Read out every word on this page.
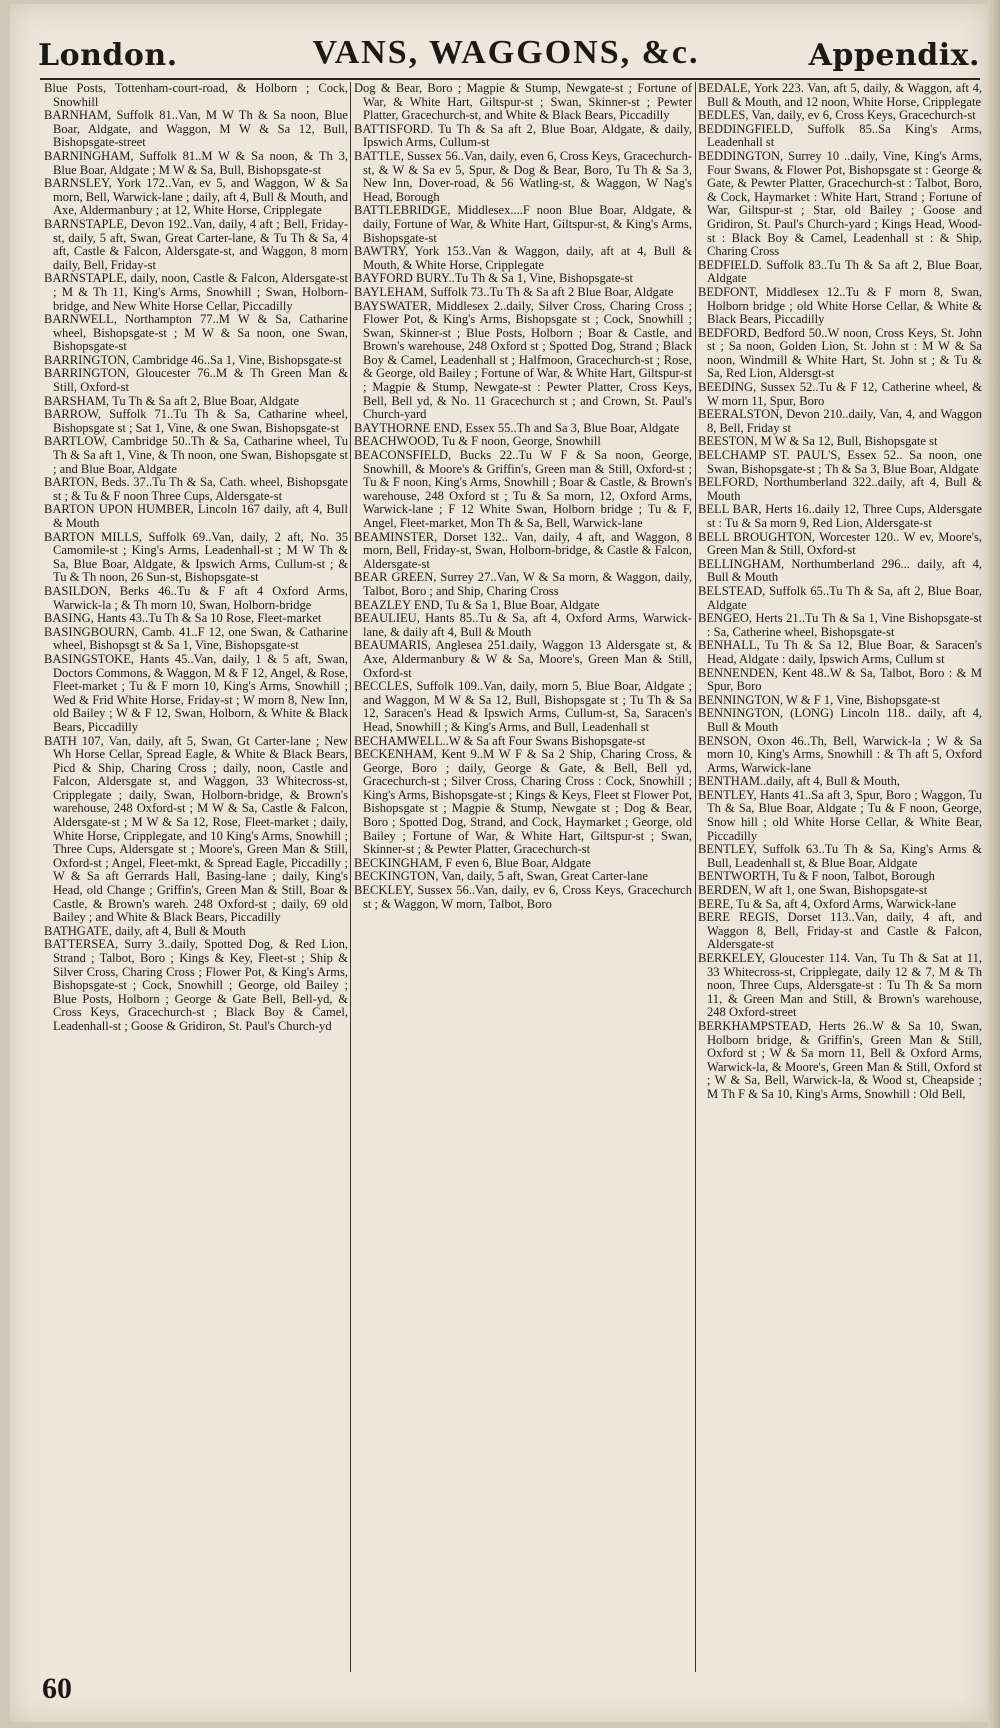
London.	VANS, WAGGONS, &c.	Appendix.

Blue Posts, Tottenham-court-road, & Holborn ; Cock, Snowhill

BARNHAM, Suffolk 81..Van, M W Th & Sa noon, Blue Boar, Aldgate, and Waggon, M W & Sa 12, Bull, Bishopsgate-street

BARNINGHAM, Suffolk 81..M W & Sa noon, & Th 3, Blue Boar, Aldgate ; M W & Sa, Bull, Bishopsgate-st

BARNSLEY, York 172..Van, ev 5, and Waggon, W & Sa morn, Bell, Warwick-lane ; daily, aft 4, Bull & Mouth, and Axe, Aldermanbury ; at 12, White Horse, Cripplegate

BARNSTAPLE, Devon 192..Van, daily, 4 aft ; Bell, Friday-st, daily, 5 aft, Swan, Great Carter-lane, & Tu Th & Sa, 4 aft, Castle & Falcon, Aldersgate-st, and Waggon, 8 morn daily, Bell, Friday-st

BARNSTAPLE, daily, noon, Castle & Falcon, Aldersgate-st ; M & Th 11, King's Arms, Snowhill ; Swan, Holborn-bridge, and New White Horse Cellar, Piccadilly

BARNWELL, Northampton 77..M W & Sa, Catharine wheel, Bishopsgate-st ; M W & Sa noon, one Swan, Bishopsgate-st

BARRINGTON, Cambridge 46..Sa 1, Vine, Bishopsgate-st

BARRINGTON, Gloucester 76..M & Th Green Man & Still, Oxford-st

BARSHAM, Tu Th & Sa aft 2, Blue Boar, Aldgate

BARROW, Suffolk 71..Tu Th & Sa, Catharine wheel, Bishopsgate st ; Sat 1, Vine, & one Swan, Bishopsgate-st

BARTLOW, Cambridge 50..Th & Sa, Catharine wheel, Tu Th & Sa aft 1, Vine, & Th noon, one Swan, Bishopsgate st ; and Blue Boar, Aldgate

BARTON, Beds. 37..Tu Th & Sa, Cath. wheel, Bishopsgate st ; & Tu & F noon Three Cups, Aldersgate-st

BARTON UPON HUMBER, Lincoln 167 daily, aft 4, Bull & Mouth

BARTON MILLS, Suffolk 69..Van, daily, 2 aft, No. 35 Camomile-st ; King's Arms, Leadenhall-st ; M W Th & Sa, Blue Boar, Aldgate, & Ipswich Arms, Cullum-st ; & Tu & Th noon, 26 Sun-st, Bishopsgate-st

BASILDON, Berks 46..Tu & F aft 4 Oxford Arms, Warwick-la ; & Th morn 10, Swan, Holborn-bridge

BASING, Hants 43..Tu Th & Sa 10 Rose, Fleet-market

BASINGBOURN, Camb. 41..F 12, one Swan, & Catharine wheel, Bishopsgt st & Sa 1, Vine, Bishopsgate-st

BASINGSTOKE, Hants 45..Van, daily, 1 & 5 aft, Swan, Doctors Commons, & Waggon, M & F 12, Angel, & Rose, Fleet-market ; Tu & F morn 10, King's Arms, Snowhill ; Wed & Frid White Horse, Friday-st ; W morn 8, New Inn, old Bailey ; W & F 12, Swan, Holborn, & White & Black Bears, Piccadilly

BATH 107, Van, daily, aft 5, Swan, Gt Carter-lane ; New Wh Horse Cellar, Spread Eagle, & White & Black Bears, Picd & Ship, Charing Cross ; daily, noon, Castle and Falcon, Aldersgate st, and Waggon, 33 Whitecross-st, Cripplegate ; daily, Swan, Holborn-bridge, & Brown's warehouse, 248 Oxford-st ; M W & Sa, Castle & Falcon, Aldersgate-st ; M W & Sa 12, Rose, Fleet-market ; daily, White Horse, Cripplegate, and 10 King's Arms, Snowhill ; Three Cups, Aldersgate st ; Moore's, Green Man & Still, Oxford-st ; Angel, Fleet-mkt, & Spread Eagle, Piccadilly ; W & Sa aft Gerrards Hall, Basing-lane ; daily, King's Head, old Change ; Griffin's, Green Man & Still, Boar & Castle, & Brown's wareh. 248 Oxford-st ; daily, 69 old Bailey ; and White & Black Bears, Piccadilly

BATHGATE, daily, aft 4, Bull & Mouth

BATTERSEA, Surry 3..daily, Spotted Dog, & Red Lion, Strand ; Talbot, Boro ; Kings & Key, Fleet-st ; Ship & Silver Cross, Charing Cross ; Flower Pot, & King's Arms, Bishopsgate-st ; Cock, Snowhill ; George, old Bailey ; Blue Posts, Holborn ; George & Gate Bell, Bell-yd, & Cross Keys, Gracechurch-st ; Black Boy & Camel, Leadenhall-st ; Goose & Gridiron, St. Paul's Church-yd

Dog & Bear, Boro ; Magpie & Stump, Newgate-st ; Fortune of War, & White Hart, Giltspur-st ; Swan, Skinner-st ; Pewter Platter, Gracechurch-st, and White & Black Bears, Piccadilly

BATTISFORD. Tu Th & Sa aft 2, Blue Boar, Aldgate, & daily, Ipswich Arms, Cullum-st

BATTLE, Sussex 56..Van, daily, even 6, Cross Keys, Gracechurch-st, & W & Sa ev 5, Spur, & Dog & Bear, Boro, Tu Th & Sa 3, New Inn, Dover-road, & 56 Watling-st, & Waggon, W Nag's Head, Borough

BATTLEBRIDGE, Middlesex....F noon Blue Boar, Aldgate, & daily, Fortune of War, & White Hart, Giltspur-st, & King's Arms, Bishopsgate-st

BAWTRY, York 153..Van & Waggon, daily, aft at 4, Bull & Mouth, & White Horse, Cripplegate

BAYFORD BURY..Tu Th & Sa 1, Vine, Bishopsgate-st

BAYLEHAM, Suffolk 73..Tu Th & Sa aft 2 Blue Boar, Aldgate

BAYSWATER, Middlesex 2..daily, Silver Cross, Charing Cross ; Flower Pot, & King's Arms, Bishopsgate st ; Cock, Snowhill ; Swan, Skinner-st ; Blue Posts, Holborn ; Boar & Castle, and Brown's warehouse, 248 Oxford st ; Spotted Dog, Strand ; Black Boy & Camel, Leadenhall st ; Halfmoon, Gracechurch-st ; Rose, & George, old Bailey ; Fortune of War, & White Hart, Giltspur-st ; Magpie & Stump, Newgate-st : Pewter Platter, Cross Keys, Bell, Bell yd, & No. 11 Gracechurch st ; and Crown, St. Paul's Church-yard

BAYTHORNE END, Essex 55..Th and Sa 3, Blue Boar, Aldgate

BEACHWOOD, Tu & F noon, George, Snowhill

BEACONSFIELD, Bucks 22..Tu W F & Sa noon, George, Snowhill, & Moore's & Griffin's, Green man & Still, Oxford-st ; Tu & F noon, King's Arms, Snowhill ; Boar & Castle, & Brown's warehouse, 248 Oxford st ; Tu & Sa morn, 12, Oxford Arms, Warwick-lane ; F 12 White Swan, Holborn bridge ; Tu & F, Angel, Fleet-market, Mon Th & Sa, Bell, Warwick-lane

BEAMINSTER, Dorset 132.. Van, daily, 4 aft, and Waggon, 8 morn, Bell, Friday-st, Swan, Holborn-bridge, & Castle & Falcon, Aldersgate-st

BEAR GREEN, Surrey 27..Van, W & Sa morn, & Waggon, daily, Talbot, Boro ; and Ship, Charing Cross

BEAZLEY END, Tu & Sa 1, Blue Boar, Aldgate

BEAULIEU, Hants 85..Tu & Sa, aft 4, Oxford Arms, Warwick-lane, & daily aft 4, Bull & Mouth

BEAUMARIS, Anglesea 251.daily, Waggon 13 Aldersgate st, & Axe, Aldermanbury & W & Sa, Moore's, Green Man & Still, Oxford-st

BECCLES, Suffolk 109..Van, daily, morn 5, Blue Boar, Aldgate ; and Waggon, M W & Sa 12, Bull, Bishopsgate st ; Tu Th & Sa 12, Saracen's Head & Ipswich Arms, Cullum-st, Sa, Saracen's Head, Snowhill ; & King's Arms, and Bull, Leadenhall st

BECHAMWELL..W & Sa aft Four Swans Bishopsgate-st

BECKENHAM, Kent 9..M W F & Sa 2 Ship, Charing Cross, & George, Boro ; daily, George & Gate, & Bell, Bell yd, Gracechurch-st ; Silver Cross, Charing Cross : Cock, Snowhill ; King's Arms, Bishopsgate-st ; Kings & Keys, Fleet st Flower Pot, Bishopsgate st ; Magpie & Stump, Newgate st ; Dog & Bear, Boro ; Spotted Dog, Strand, and Cock, Haymarket ; George, old Bailey ; Fortune of War, & White Hart, Giltspur-st ; Swan, Skinner-st ; & Pewter Platter, Gracechurch-st

BECKINGHAM, F even 6, Blue Boar, Aldgate

BECKINGTON, Van, daily, 5 aft, Swan, Great Carter-lane

BECKLEY, Sussex 56..Van, daily, ev 6, Cross Keys, Gracechurch st ; & Waggon, W morn, Talbot, Boro

BEDALE, York 223. Van, aft 5, daily, & Waggon, aft 4, Bull & Mouth, and 12 noon, White Horse, Cripplegate

BEDLES, Van, daily, ev 6, Cross Keys, Gracechurch-st

BEDDINGFIELD, Suffolk 85..Sa King's Arms, Leadenhall st

BEDDINGTON, Surrey 10 ..daily, Vine, King's Arms, Four Swans, & Flower Pot, Bishopsgate st : George & Gate, & Pewter Platter, Gracechurch-st : Talbot, Boro, & Cock, Haymarket : White Hart, Strand ; Fortune of War, Giltspur-st ; Star, old Bailey ; Goose and Gridiron, St. Paul's Church-yard ; Kings Head, Wood-st : Black Boy & Camel, Leadenhall st : & Ship, Charing Cross

BEDFIELD. Suffolk 83..Tu Th & Sa aft 2, Blue Boar, Aldgate

BEDFONT, Middlesex 12..Tu & F morn 8, Swan, Holborn bridge ; old White Horse Cellar, & White & Black Bears, Piccadilly

BEDFORD, Bedford 50..W noon, Cross Keys, St. John st ; Sa noon, Golden Lion, St. John st : M W & Sa noon, Windmill & White Hart, St. John st ; & Tu & Sa, Red Lion, Aldersgt-st

BEEDING, Sussex 52..Tu & F 12, Catherine wheel, & W morn 11, Spur, Boro

BEERALSTON, Devon 210..daily, Van, 4, and Waggon 8, Bell, Friday st

BEESTON, M W & Sa 12, Bull, Bishopsgate st

BELCHAMP ST. PAUL'S, Essex 52.. Sa noon, one Swan, Bishopsgate-st ; Th & Sa 3, Blue Boar, Aldgate

BELFORD, Northumberland 322..daily, aft 4, Bull & Mouth

BELL BAR, Herts 16..daily 12, Three Cups, Aldersgate st : Tu & Sa morn 9, Red Lion, Aldersgate-st

BELL BROUGHTON, Worcester 120.. W ev, Moore's, Green Man & Still, Oxford-st

BELLINGHAM, Northumberland 296... daily, aft 4, Bull & Mouth

BELSTEAD, Suffolk 65..Tu Th & Sa, aft 2, Blue Boar, Aldgate

BENGEO, Herts 21..Tu Th & Sa 1, Vine Bishopsgate-st : Sa, Catherine wheel, Bishopsgate-st

BENHALL, Tu Th & Sa 12, Blue Boar, & Saracen's Head, Aldgate : daily, Ipswich Arms, Cullum st

BENNENDEN, Kent 48..W & Sa, Talbot, Boro : & M Spur, Boro

BENNINGTON, W & F 1, Vine, Bishopsgate-st

BENNINGTON, (LONG) Lincoln 118.. daily, aft 4, Bull & Mouth

BENSON, Oxon 46..Th, Bell, Warwick-la ; W & Sa morn 10, King's Arms, Snowhill : & Th aft 5, Oxford Arms, Warwick-lane

BENTHAM..daily, aft 4, Bull & Mouth,

BENTLEY, Hants 41..Sa aft 3, Spur, Boro ; Waggon, Tu Th & Sa, Blue Boar, Aldgate ; Tu & F noon, George, Snow hill ; old White Horse Cellar, & White Bear, Piccadilly

BENTLEY, Suffolk 63..Tu Th & Sa, King's Arms & Bull, Leadenhall st, & Blue Boar, Aldgate

BENTWORTH, Tu & F noon, Talbot, Borough

BERDEN, W aft 1, one Swan, Bishopsgate-st

BERE, Tu & Sa, aft 4, Oxford Arms, Warwick-lane

BERE REGIS, Dorset 113..Van, daily, 4 aft, and Waggon 8, Bell, Friday-st and Castle & Falcon, Aldersgate-st

BERKELEY, Gloucester 114. Van, Tu Th & Sat at 11, 33 Whitecross-st, Cripplegate, daily 12 & 7, M & Th noon, Three Cups, Aldersgate-st : Tu Th & Sa morn 11, & Green Man and Still, & Brown's warehouse, 248 Oxford-street

BERKHAMPSTEAD, Herts 26..W & Sa 10, Swan, Holborn bridge, & Griffin's, Green Man & Still, Oxford st ; W & Sa morn 11, Bell & Oxford Arms, Warwick-la, & Moore's, Green Man & Still, Oxford st ; W & Sa, Bell, Warwick-la, & Wood st, Cheapside ; M Th F & Sa 10, King's Arms, Snowhill : Old Bell,

60
